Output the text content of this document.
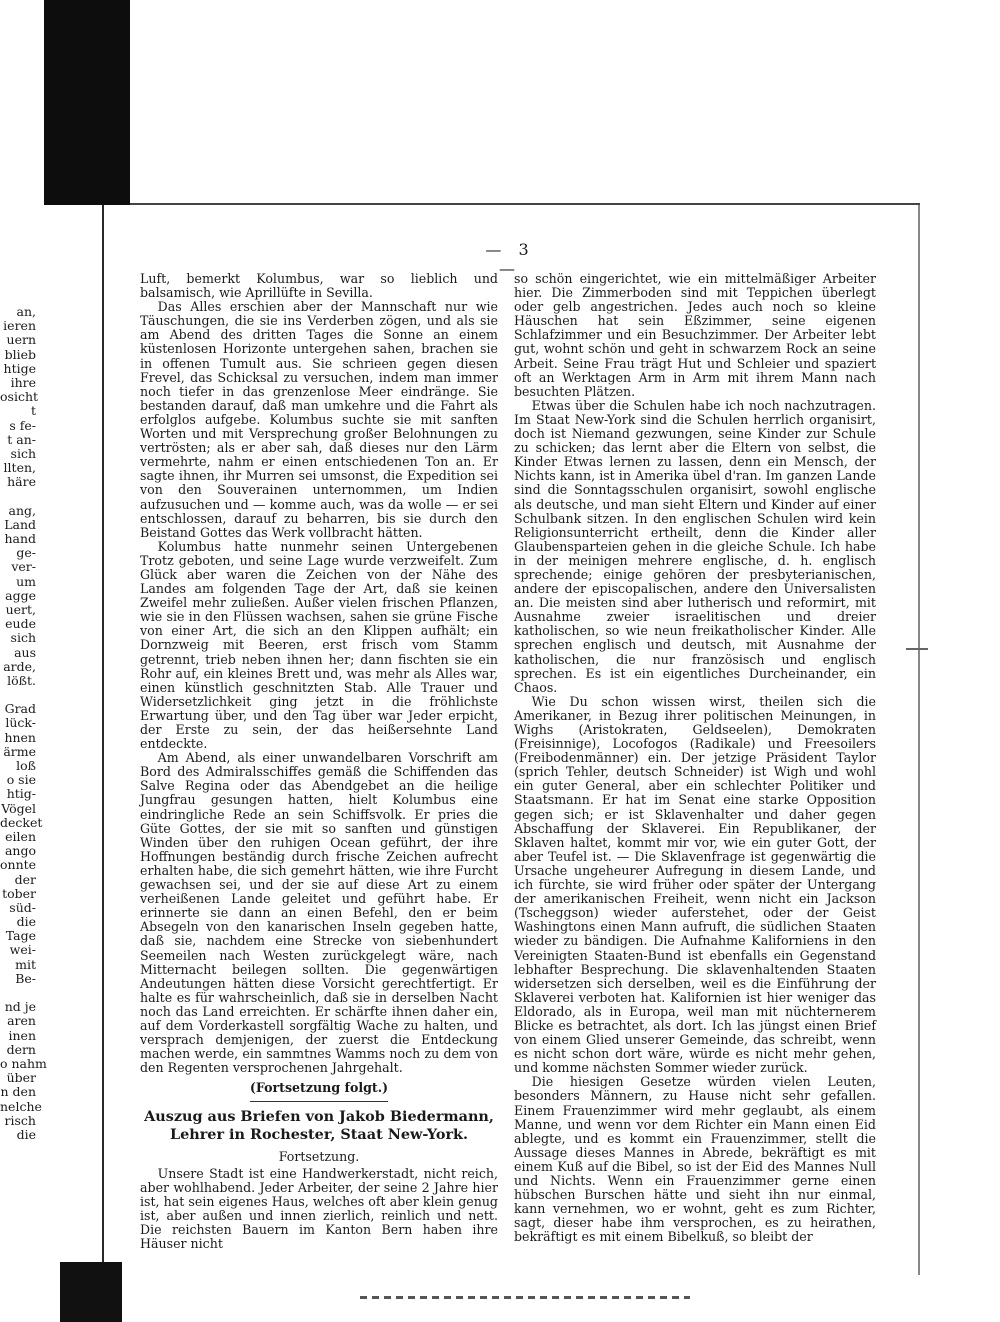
an,
ieren
uern
blieb
htige
ihre
osicht
t
s fe-
t an-
sich
llten,
häre
ang,
Land
hand
ge-
ver-
um
agge
uert,
eude
sich
aus
arde,
lößt.
Grad
lück-
hnen
ärme
loß
o sie
htig-
Vögel
decket
eilen
ango
onnte
der
tober
süd-
die
Tage
wei-
mit
Be-
nd je
aren
inen
dern
o nahm
über
n den
nelche
risch
die
— 3 —

Luft, bemerkt Kolumbus, war so lieblich und balsamisch, wie Aprillüfte in Sevilla.

Das Alles erschien aber der Mannschaft nur wie Täuschungen, die sie ins Verderben zögen, und als sie am Abend des dritten Tages die Sonne an einem küstenlosen Horizonte untergehen sahen, brachen sie in offenen Tumult aus. Sie schrieen gegen diesen Frevel, das Schicksal zu versuchen, indem man immer noch tiefer in das grenzenlose Meer eindränge. Sie bestanden darauf, daß man umkehre und die Fahrt als erfolglos aufgebe. Kolumbus suchte sie mit sanften Worten und mit Versprechung großer Belohnungen zu vertrösten; als er aber sah, daß dieses nur den Lärm vermehrte, nahm er einen entschiedenen Ton an. Er sagte ihnen, ihr Murren sei umsonst, die Expedition sei von den Souverainen unternommen, um Indien aufzusuchen und — komme auch, was da wolle — er sei entschlossen, darauf zu beharren, bis sie durch den Beistand Gottes das Werk vollbracht hätten.

Kolumbus hatte nunmehr seinen Untergebenen Trotz geboten, und seine Lage wurde verzweifelt. Zum Glück aber waren die Zeichen von der Nähe des Landes am folgenden Tage der Art, daß sie keinen Zweifel mehr zuließen. Außer vielen frischen Pflanzen, wie sie in den Flüssen wachsen, sahen sie grüne Fische von einer Art, die sich an den Klippen aufhält; ein Dornzweig mit Beeren, erst frisch vom Stamm getrennt, trieb neben ihnen her; dann fischten sie ein Rohr auf, ein kleines Brett und, was mehr als Alles war, einen künstlich geschnitzten Stab. Alle Trauer und Widersetzlichkeit ging jetzt in die fröhlichste Erwartung über, und den Tag über war Jeder erpicht, der Erste zu sein, der das heißersehnte Land entdeckte.

Am Abend, als einer unwandelbaren Vorschrift am Bord des Admiralsschiffes gemäß die Schiffenden das Salve Regina oder das Abendgebet an die heilige Jungfrau gesungen hatten, hielt Kolumbus eine eindringliche Rede an sein Schiffsvolk. Er pries die Güte Gottes, der sie mit so sanften und günstigen Winden über den ruhigen Ocean geführt, der ihre Hoffnungen beständig durch frische Zeichen aufrecht erhalten habe, die sich gemehrt hätten, wie ihre Furcht gewachsen sei, und der sie auf diese Art zu einem verheißenen Lande geleitet und geführt habe. Er erinnerte sie dann an einen Befehl, den er beim Absegeln von den kanarischen Inseln gegeben hatte, daß sie, nachdem eine Strecke von siebenhundert Seemeilen nach Westen zurückgelegt wäre, nach Mitternacht beilegen sollten. Die gegenwärtigen Andeutungen hätten diese Vorsicht gerechtfertigt. Er halte es für wahrscheinlich, daß sie in derselben Nacht noch das Land erreichten. Er schärfte ihnen daher ein, auf dem Vorderkastell sorgfältig Wache zu halten, und versprach demjenigen, der zuerst die Entdeckung machen werde, ein sammtnes Wamms noch zu dem von den Regenten versprochenen Jahrgehalt.

(Fortsetzung folgt.)

Auszug aus Briefen von Jakob Biedermann, Lehrer in Rochester, Staat New-York.

Fortsetzung.

Unsere Stadt ist eine Handwerkerstadt, nicht reich, aber wohlhabend. Jeder Arbeiter, der seine 2 Jahre hier ist, hat sein eigenes Haus, welches oft aber klein genug ist, aber außen und innen zierlich, reinlich und nett. Die reichsten Bauern im Kanton Bern haben ihre Häuser nicht

so schön eingerichtet, wie ein mittelmäßiger Arbeiter hier. Die Zimmerboden sind mit Teppichen überlegt oder gelb angestrichen. Jedes auch noch so kleine Häuschen hat sein Eßzimmer, seine eigenen Schlafzimmer und ein Besuchzimmer. Der Arbeiter lebt gut, wohnt schön und geht in schwarzem Rock an seine Arbeit. Seine Frau trägt Hut und Schleier und spaziert oft an Werktagen Arm in Arm mit ihrem Mann nach besuchten Plätzen.

Etwas über die Schulen habe ich noch nachzutragen. Im Staat New-York sind die Schulen herrlich organisirt, doch ist Niemand gezwungen, seine Kinder zur Schule zu schicken; das lernt aber die Eltern von selbst, die Kinder Etwas lernen zu lassen, denn ein Mensch, der Nichts kann, ist in Amerika übel d'ran. Im ganzen Lande sind die Sonntagsschulen organisirt, sowohl englische als deutsche, und man sieht Eltern und Kinder auf einer Schulbank sitzen. In den englischen Schulen wird kein Religionsunterricht ertheilt, denn die Kinder aller Glaubensparteien gehen in die gleiche Schule. Ich habe in der meinigen mehrere englische, d. h. englisch sprechende; einige gehören der presbyterianischen, andere der episcopalischen, andere den Universalisten an. Die meisten sind aber lutherisch und reformirt, mit Ausnahme zweier israelitischen und dreier katholischen, so wie neun freikatholischer Kinder. Alle sprechen englisch und deutsch, mit Ausnahme der katholischen, die nur französisch und englisch sprechen. Es ist ein eigentliches Durcheinander, ein Chaos.

Wie Du schon wissen wirst, theilen sich die Amerikaner, in Bezug ihrer politischen Meinungen, in Wighs (Aristokraten, Geldseelen), Demokraten (Freisinnige), Locofogos (Radikale) und Freesoilers (Freibodenmänner) ein. Der jetzige Präsident Taylor (sprich Tehler, deutsch Schneider) ist Wigh und wohl ein guter General, aber ein schlechter Politiker und Staatsmann. Er hat im Senat eine starke Opposition gegen sich; er ist Sklavenhalter und daher gegen Abschaffung der Sklaverei. Ein Republikaner, der Sklaven haltet, kommt mir vor, wie ein guter Gott, der aber Teufel ist. — Die Sklavenfrage ist gegenwärtig die Ursache ungeheurer Aufregung in diesem Lande, und ich fürchte, sie wird früher oder später der Untergang der amerikanischen Freiheit, wenn nicht ein Jackson (Tscheggson) wieder auferstehet, oder der Geist Washingtons einen Mann aufruft, die südlichen Staaten wieder zu bändigen. Die Aufnahme Kaliforniens in den Vereinigten Staaten-Bund ist ebenfalls ein Gegenstand lebhafter Besprechung. Die sklavenhaltenden Staaten widersetzen sich derselben, weil es die Einführung der Sklaverei verboten hat. Kalifornien ist hier weniger das Eldorado, als in Europa, weil man mit nüchternerem Blicke es betrachtet, als dort. Ich las jüngst einen Brief von einem Glied unserer Gemeinde, das schreibt, wenn es nicht schon dort wäre, würde es nicht mehr gehen, und komme nächsten Sommer wieder zurück.

Die hiesigen Gesetze würden vielen Leuten, besonders Männern, zu Hause nicht sehr gefallen. Einem Frauenzimmer wird mehr geglaubt, als einem Manne, und wenn vor dem Richter ein Mann einen Eid ablegte, und es kommt ein Frauenzimmer, stellt die Aussage dieses Mannes in Abrede, bekräftigt es mit einem Kuß auf die Bibel, so ist der Eid des Mannes Null und Nichts. Wenn ein Frauenzimmer gerne einen hübschen Burschen hätte und sieht ihn nur einmal, kann vernehmen, wo er wohnt, geht es zum Richter, sagt, dieser habe ihm versprochen, es zu heirathen, bekräftigt es mit einem Bibelkuß, so bleibt der
